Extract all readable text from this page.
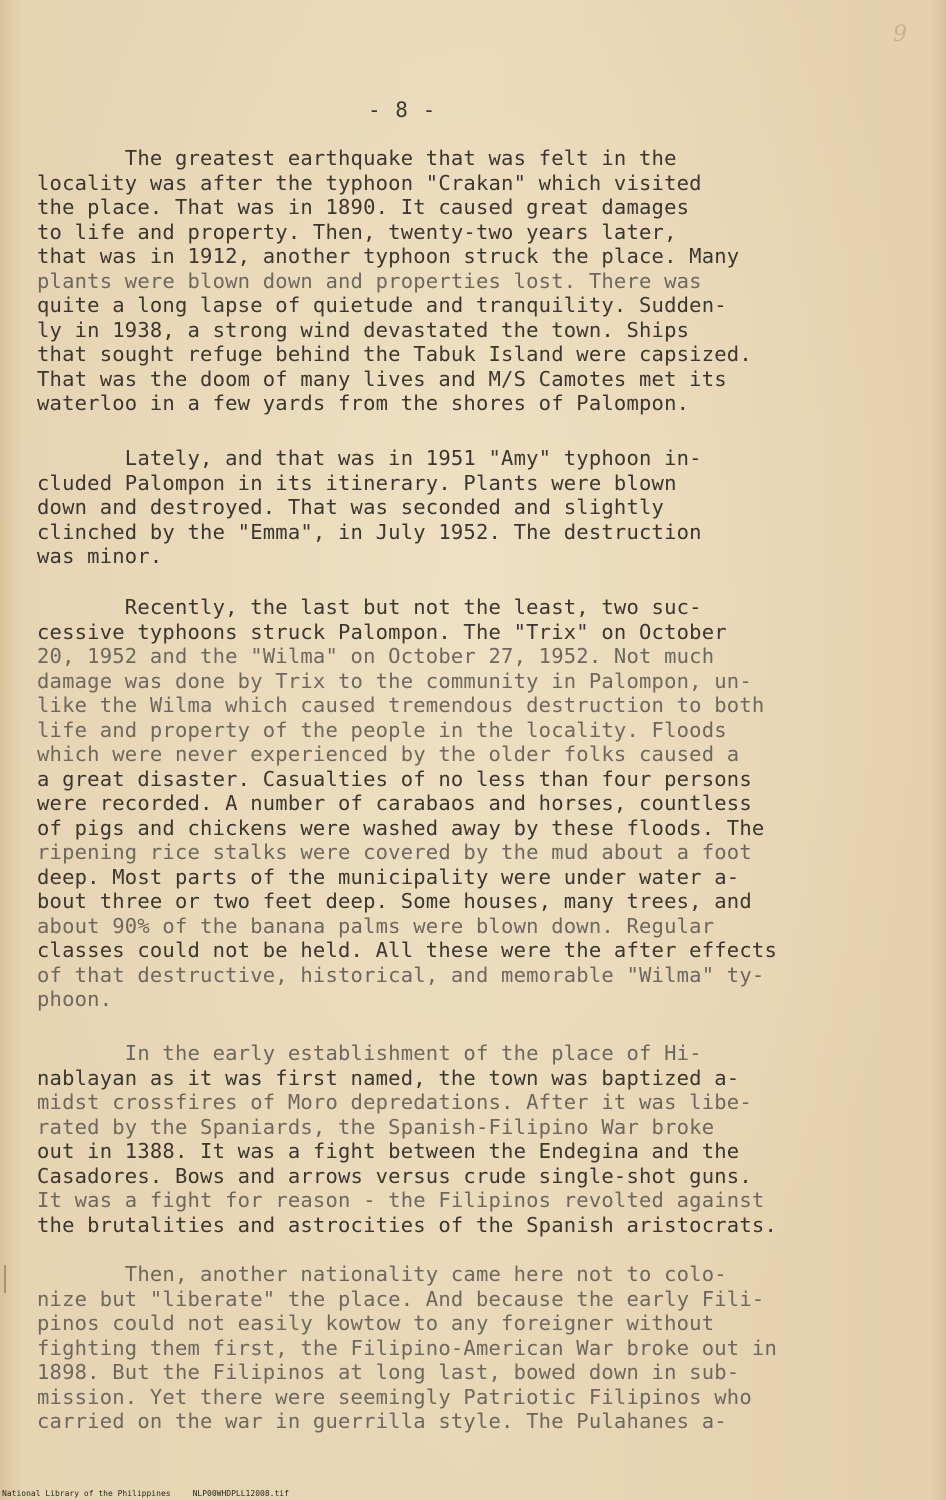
9
- 8 -
The greatest earthquake that was felt in the
locality was after the typhoon "Crakan" which visited
the place. That was in 1890. It caused great damages
to life and property. Then, twenty-two years later,
that was in 1912, another typhoon struck the place. Many
plants were blown down and properties lost. There was
quite a long lapse of quietude and tranquility. Sudden-
ly in 1938, a strong wind devastated the town. Ships
that sought refuge behind the Tabuk Island were capsized.
That was the doom of many lives and M/S Camotes met its
waterloo in a few yards from the shores of Palompon.
Lately, and that was in 1951 "Amy" typhoon in-
cluded Palompon in its itinerary. Plants were blown
down and destroyed. That was seconded and slightly
clinched by the "Emma", in July 1952. The destruction
was minor.
Recently, the last but not the least, two suc-
cessive typhoons struck Palompon. The "Trix" on October
20, 1952 and the "Wilma" on October 27, 1952. Not much
damage was done by Trix to the community in Palompon, un-
like the Wilma which caused tremendous destruction to both
life and property of the people in the locality. Floods
which were never experienced by the older folks caused a
a great disaster. Casualties of no less than four persons
were recorded. A number of carabaos and horses, countless
of pigs and chickens were washed away by these floods. The
ripening rice stalks were covered by the mud about a foot
deep. Most parts of the municipality were under water a-
bout three or two feet deep. Some houses, many trees, and
about 90% of the banana palms were blown down. Regular
classes could not be held. All these were the after effects
of that destructive, historical, and memorable "Wilma" ty-
phoon.
In the early establishment of the place of Hi-
nablayan as it was first named, the town was baptized a-
midst crossfires of Moro depredations. After it was libe-
rated by the Spaniards, the Spanish-Filipino War broke
out in 1388. It was a fight between the Endegina and the
Casadores. Bows and arrows versus crude single-shot guns.
It was a fight for reason - the Filipinos revolted against
the brutalities and astrocities of the Spanish aristocrats.
Then, another nationality came here not to colo-
nize but "liberate" the place. And because the early Fili-
pinos could not easily kowtow to any foreigner without
fighting them first, the Filipino-American War broke out in
1898. But the Filipinos at long last, bowed down in sub-
mission. Yet there were seemingly Patriotic Filipinos who
carried on the war in guerrilla style. The Pulahanes a-
National Library of the Philippines	NLP00WHDPLL12008.tif
